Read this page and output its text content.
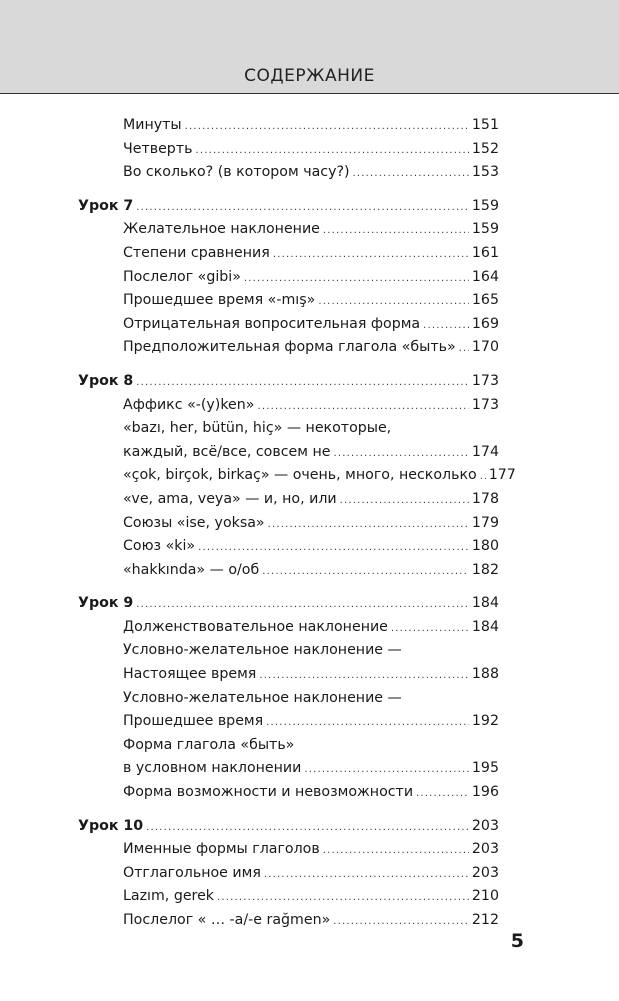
СОДЕРЖАНИЕ
Минуты .....	151
Четверть .....	152
Во сколько? (в котором часу?) .....	153
Урок 7 .....	159
Желательное наклонение .....	159
Степени сравнения .....	161
Послелог «gibi» .....	164
Прошедшее время «-mış» .....	165
Отрицательная вопросительная форма .....	169
Предположительная форма глагола «быть» ..... 170
Урок 8 .....	173
Аффикс «-(y)ken» .....	173
«bazı, her, bütün, hiç» — некоторые,
каждый, всё/все, совсем не .....	174
«çok, birçok, birkaç» — очень, много, несколько ..... 177
«ve, ama, veya» — и, но, или .....	178
Союзы «ise, yoksa» .....	179
Союз «ki» .....	180
«hakkında» — о/об .....	182
Урок 9 .....	184
Долженствовательное наклонение .....	184
Условно-желательное наклонение —
Настоящее время .....	188
Условно-желательное наклонение —
Прошедшее время .....	192
Форма глагола «быть»
в условном наклонении .....	195
Форма возможности и невозможности .....	196
Урок 10 .....	203
Именные формы глаголов .....	203
Отглагольное имя .....	203
Lazım, gerek .....	210
Послелог « … -a/-e rağmen» .....	212
5
